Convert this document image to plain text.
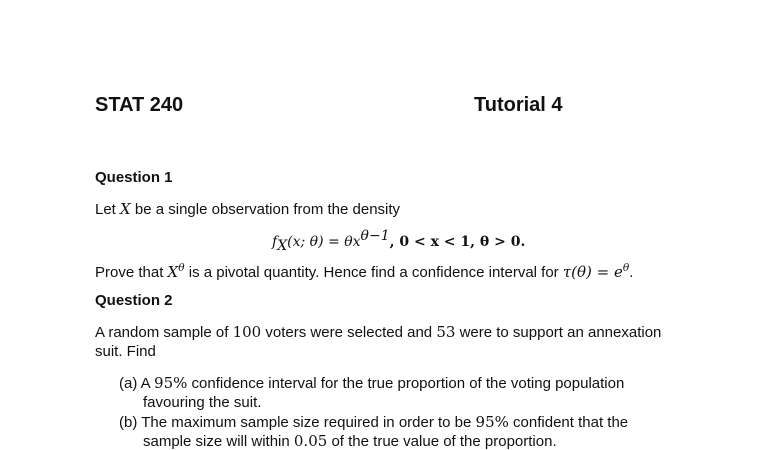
STAT 240	Tutorial 4
Question 1
Let X be a single observation from the density
fX(x; θ) = θxθ−1, 0 < x < 1, θ > 0.
Prove that $X^\theta$ is a pivotal quantity. Hence find a confidence interval for $\tau(\theta) = e^\theta$.
Question 2
A random sample of 100 voters were selected and 53 were to support an annexation
suit. Find
(a) A 95% confidence interval for the true proportion of the voting population
favouring the suit.
(b) The maximum sample size required in order to be 95% confident that the
sample size will within 0.05 of the true value of the proportion.
